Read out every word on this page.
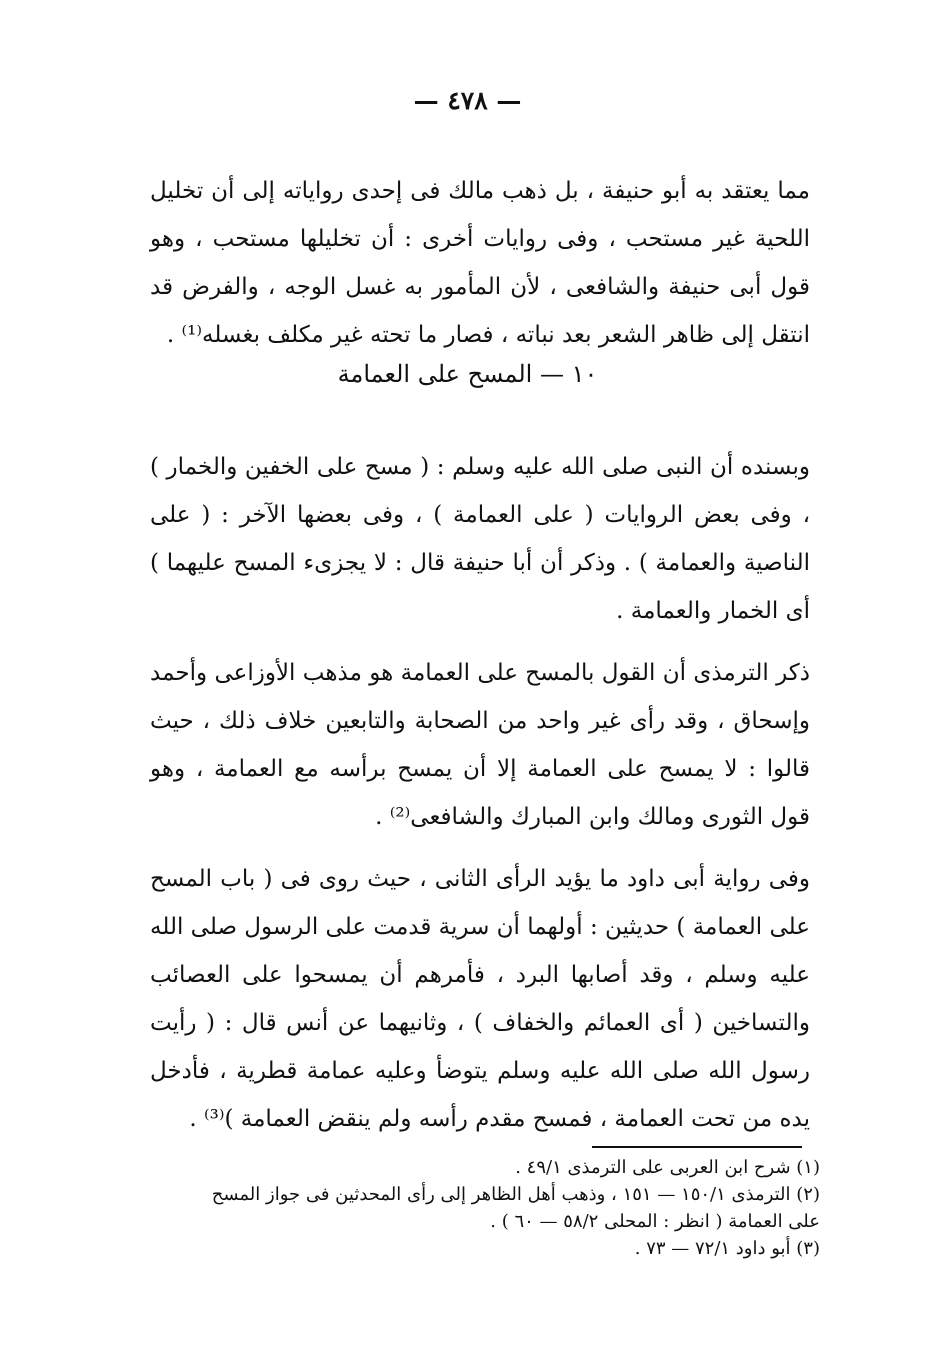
— ٤٧٨ —

مما يعتقد به أبو حنيفة ، بل ذهب مالك فى إحدى رواياته إلى أن تخليل اللحية غير مستحب ، وفى روايات أخرى : أن تخليلها مستحب ، وهو قول أبى حنيفة والشافعى ، لأن المأمور به غسل الوجه ، والفرض قد انتقل إلى ظاهر الشعر بعد نباته ، فصار ما تحته غير مكلف بغسله⁽¹⁾ .

١٠ — المسح على العمامة

وبسنده أن النبى صلى الله عليه وسلم : ( مسح على الخفين والخمار ) ، وفى بعض الروايات ( على العمامة ) ، وفى بعضها الآخر : ( على الناصية والعمامة ) . وذكر أن أبا حنيفة قال : لا يجزىء المسح عليهما ) أى الخمار والعمامة .

ذكر الترمذى أن القول بالمسح على العمامة هو مذهب الأوزاعى وأحمد وإسحاق ، وقد رأى غير واحد من الصحابة والتابعين خلاف ذلك ، حيث قالوا : لا يمسح على العمامة إلا أن يمسح برأسه مع العمامة ، وهو قول الثورى ومالك وابن المبارك والشافعى⁽²⁾ .

وفى رواية أبى داود ما يؤيد الرأى الثانى ، حيث روى فى ( باب المسح على العمامة ) حديثين : أولهما أن سرية قدمت على الرسول صلى الله عليه وسلم ، وقد أصابها البرد ، فأمرهم أن يمسحوا على العصائب والتساخين ( أى العمائم والخفاف ) ، وثانيهما عن أنس قال : ( رأيت رسول الله صلى الله عليه وسلم يتوضأ وعليه عمامة قطرية ، فأدخل يده من تحت العمامة ، فمسح مقدم رأسه ولم ينقض العمامة )⁽³⁾ .

(١) شرح ابن العربى على الترمذى ٤٩/١ .

(٢) الترمذى ١٥٠/١ — ١٥١ ، وذهب أهل الظاهر إلى رأى المحدثين فى جواز المسح

على العمامة ( انظر : المحلى ٥٨/٢ — ٦٠ ) .

(٣) أبو داود ٧٢/١ — ٧٣ .
